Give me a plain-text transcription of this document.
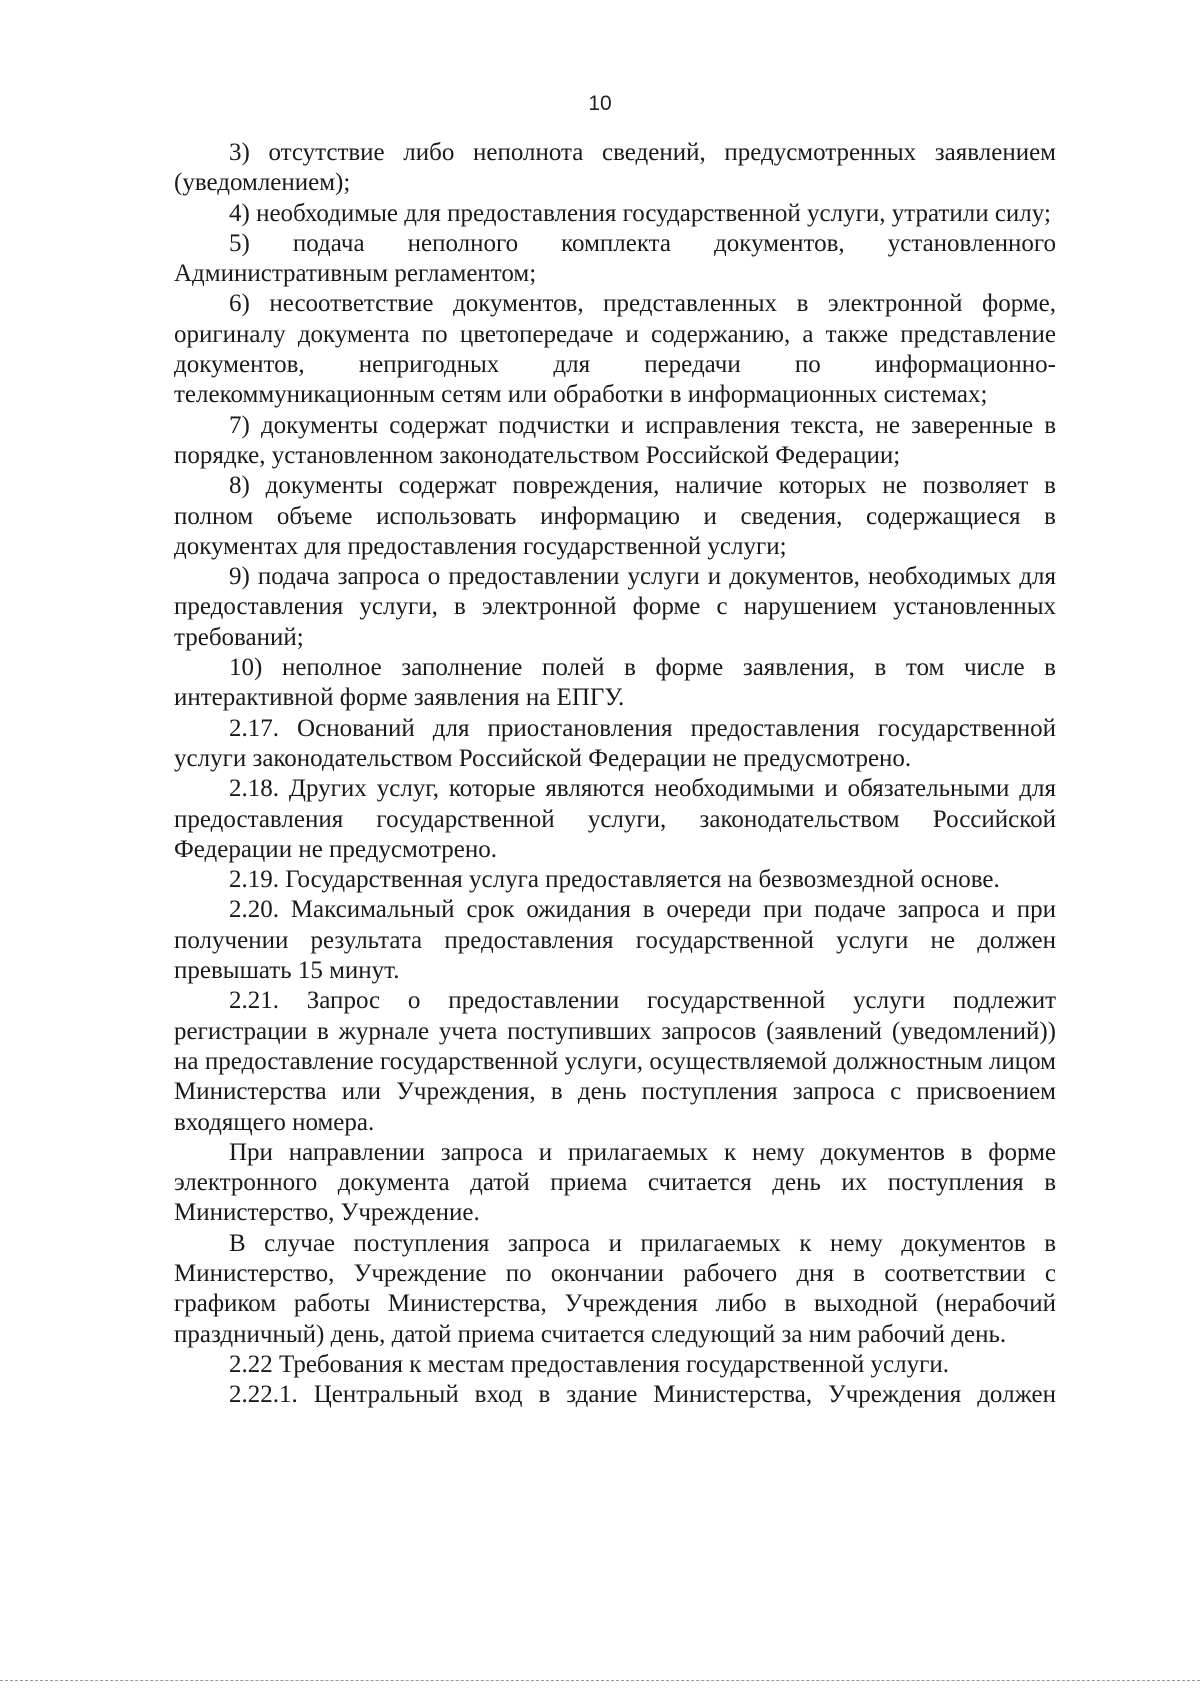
10

3) отсутствие либо неполнота сведений, предусмотренных заявлением (уведомлением);

4) необходимые для предоставления государственной услуги, утратили силу;

5) подача неполного комплекта документов, установленного Административным регламентом;

6) несоответствие документов, представленных в электронной форме, оригиналу документа по цветопередаче и содержанию, а также представление документов, непригодных для передачи по информационно-телекоммуникационным сетям или обработки в информационных системах;

7) документы содержат подчистки и исправления текста, не заверенные в порядке, установленном законодательством Российской Федерации;

8) документы содержат повреждения, наличие которых не позволяет в полном объеме использовать информацию и сведения, содержащиеся в документах для предоставления государственной услуги;

9) подача запроса о предоставлении услуги и документов, необходимых для предоставления услуги, в электронной форме с нарушением установленных требований;

10) неполное заполнение полей в форме заявления, в том числе в интерактивной форме заявления на ЕПГУ.

2.17. Оснований для приостановления предоставления государственной услуги законодательством Российской Федерации не предусмотрено.

2.18. Других услуг, которые являются необходимыми и обязательными для предоставления государственной услуги, законодательством Российской Федерации не предусмотрено.

2.19. Государственная услуга предоставляется на безвозмездной основе.

2.20. Максимальный срок ожидания в очереди при подаче запроса и при получении результата предоставления государственной услуги не должен превышать 15 минут.

2.21. Запрос о предоставлении государственной услуги подлежит регистрации в журнале учета поступивших запросов (заявлений (уведомлений)) на предоставление государственной услуги, осуществляемой должностным лицом Министерства или Учреждения, в день поступления запроса с присвоением входящего номера.

При направлении запроса и прилагаемых к нему документов в форме электронного документа датой приема считается день их поступления в Министерство, Учреждение.

В случае поступления запроса и прилагаемых к нему документов в Министерство, Учреждение по окончании рабочего дня в соответствии с графиком работы Министерства, Учреждения либо в выходной (нерабочий праздничный) день, датой приема считается следующий за ним рабочий день.

2.22 Требования к местам предоставления государственной услуги.

2.22.1. Центральный вход в здание Министерства, Учреждения должен
